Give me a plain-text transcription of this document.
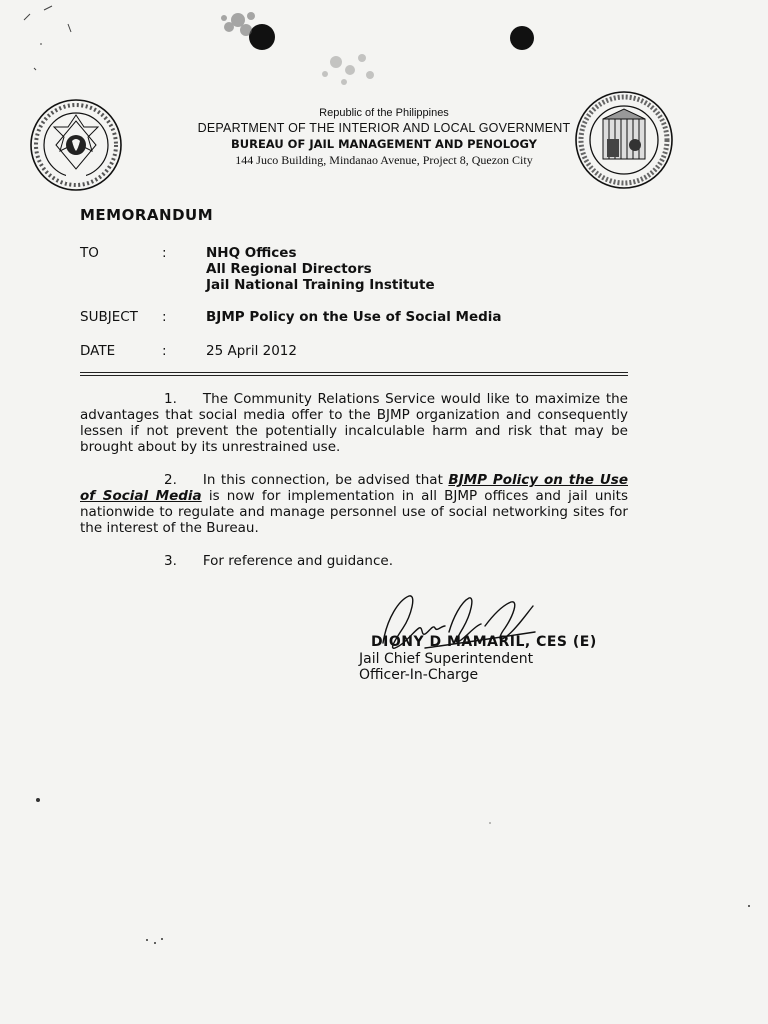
Republic of the Philippines
DEPARTMENT OF THE INTERIOR AND LOCAL GOVERNMENT
BUREAU OF JAIL MANAGEMENT AND PENOLOGY
144 Juco Building, Mindanao Avenue, Project 8, Quezon City
MEMORANDUM
TO	:	NHQ Offices
All Regional Directors
Jail National Training Institute
SUBJECT :	BJMP Policy on the Use of Social Media
DATE	:	25 April 2012
1. The Community Relations Service would like to maximize the advantages that social media offer to the BJMP organization and consequently lessen if not prevent the potentially incalculable harm and risk that may be brought about by its unrestrained use.
2. In this connection, be advised that BJMP Policy on the Use of Social Media is now for implementation in all BJMP offices and jail units nationwide to regulate and manage personnel use of social networking sites for the interest of the Bureau.
3. For reference and guidance.
DIONY D MAMARIL, CES (E)
Jail Chief Superintendent
Officer-In-Charge
